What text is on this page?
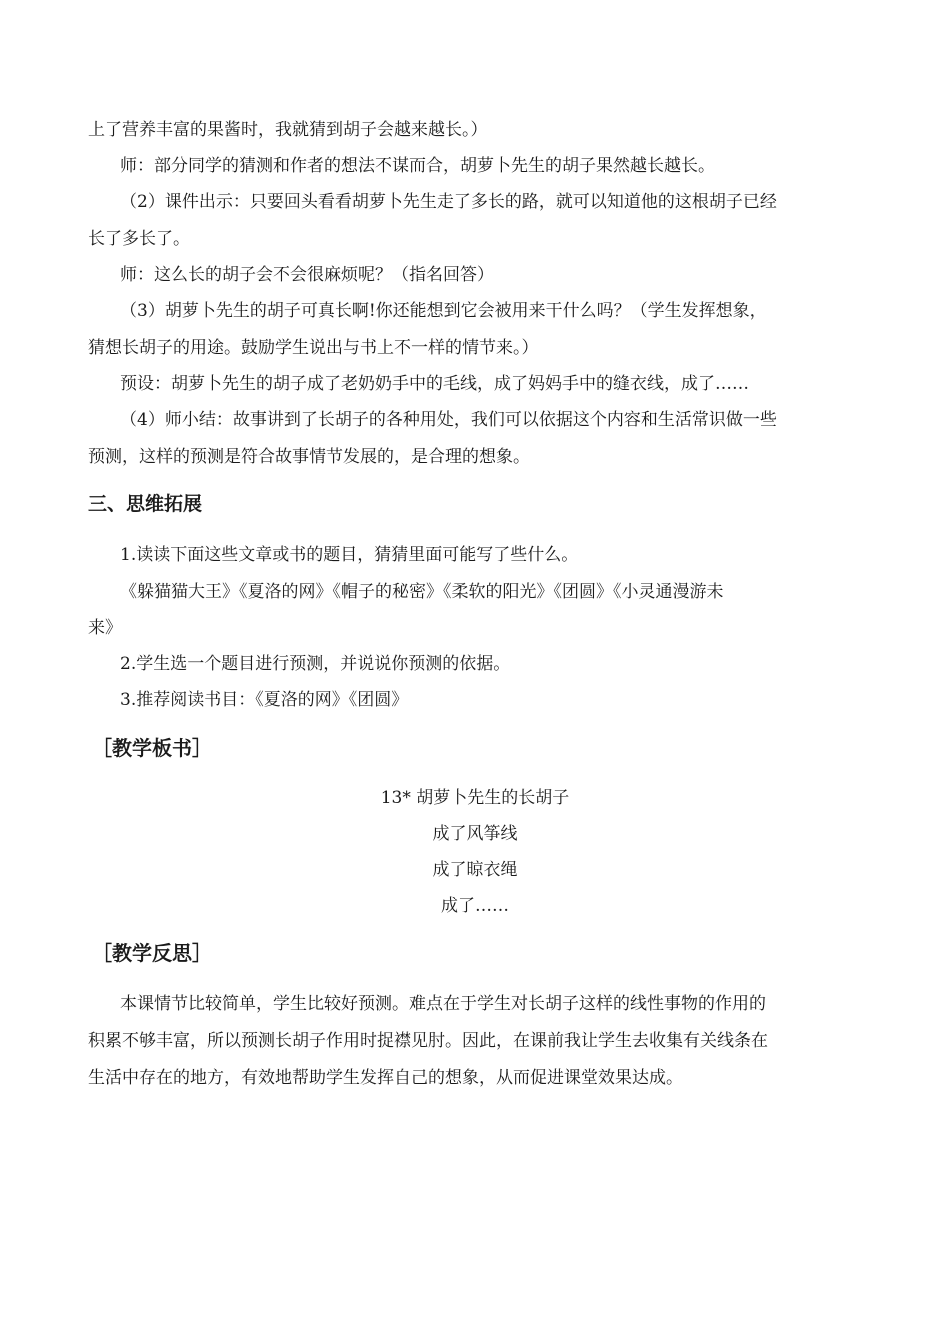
上了营养丰富的果酱时，我就猜到胡子会越来越长。）
师：部分同学的猜测和作者的想法不谋而合，胡萝卜先生的胡子果然越长越长。
（2）课件出示：只要回头看看胡萝卜先生走了多长的路，就可以知道他的这根胡子已经
长了多长了。
师：这么长的胡子会不会很麻烦呢？（指名回答）
（3）胡萝卜先生的胡子可真长啊!你还能想到它会被用来干什么吗？（学生发挥想象，
猜想长胡子的用途。鼓励学生说出与书上不一样的情节来。）
预设：胡萝卜先生的胡子成了老奶奶手中的毛线，成了妈妈手中的缝衣线，成了……
（4）师小结：故事讲到了长胡子的各种用处，我们可以依据这个内容和生活常识做一些
预测，这样的预测是符合故事情节发展的，是合理的想象。
三、思维拓展
1.读读下面这些文章或书的题目，猜猜里面可能写了些什么。
《躲猫猫大王》《夏洛的网》《帽子的秘密》《柔软的阳光》《团圆》《小灵通漫游未
来》
2.学生选一个题目进行预测，并说说你预测的依据。
3.推荐阅读书目：《夏洛的网》《团圆》
［教学板书］
13* 胡萝卜先生的长胡子
成了风筝线
成了晾衣绳
成了……
［教学反思］
本课情节比较简单，学生比较好预测。难点在于学生对长胡子这样的线性事物的作用的
积累不够丰富，所以预测长胡子作用时捉襟见肘。因此，在课前我让学生去收集有关线条在
生活中存在的地方，有效地帮助学生发挥自己的想象，从而促进课堂效果达成。
